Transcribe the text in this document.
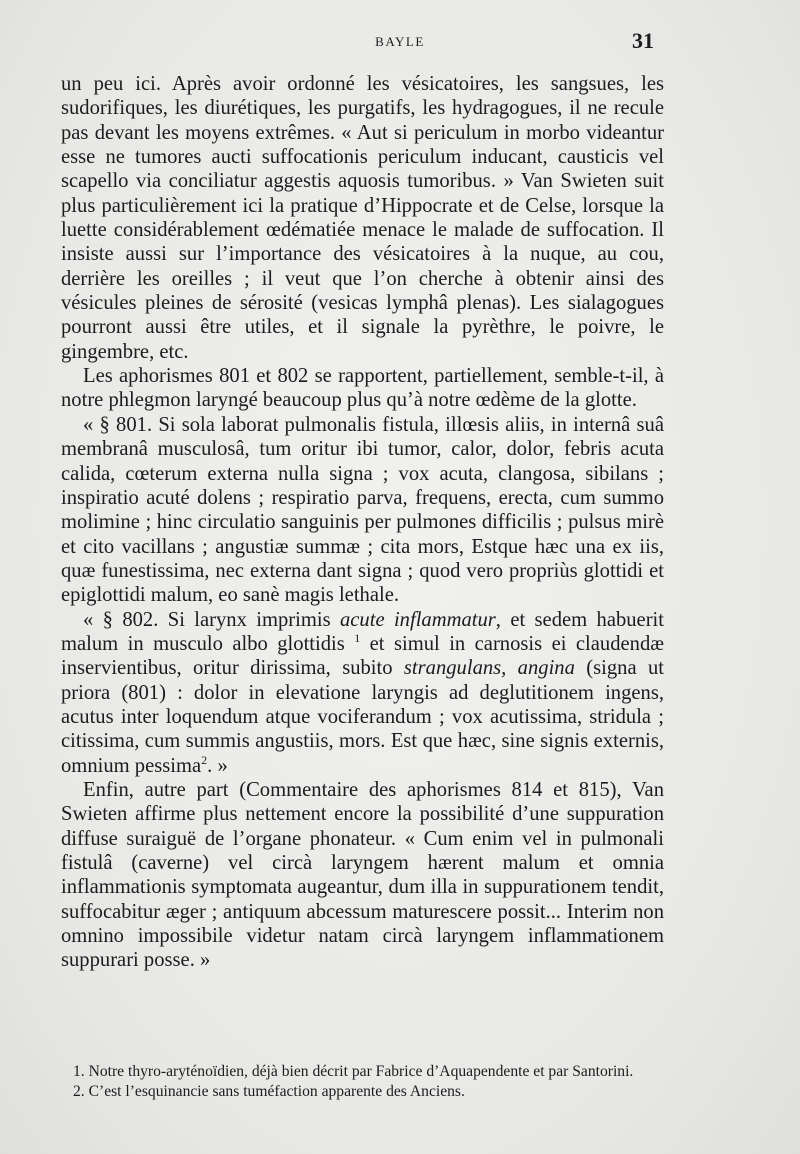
BAYLE	31

un peu ici. Après avoir ordonné les vésicatoires, les sangsues, les sudorifiques, les diurétiques, les purgatifs, les hydragogues, il ne recule pas devant les moyens extrêmes. « Aut si periculum in morbo videantur esse ne tumores aucti suffocationis periculum inducant, causticis vel scapello via conciliatur aggestis aquosis tumoribus. » Van Swieten suit plus particulièrement ici la pratique d’Hippocrate et de Celse, lorsque la luette considérablement œdématiée menace le malade de suffocation. Il insiste aussi sur l’importance des vésicatoires à la nuque, au cou, derrière les oreilles ; il veut que l’on cherche à obtenir ainsi des vésicules pleines de sérosité (vesicas lymphâ plenas). Les sialagogues pourront aussi être utiles, et il signale la pyrèthre, le poivre, le gingembre, etc.

Les aphorismes 801 et 802 se rapportent, partiellement, semble-t-il, à notre phlegmon laryngé beaucoup plus qu’à notre œdème de la glotte.

« § 801. Si sola laborat pulmonalis fistula, illœsis aliis, in internâ suâ membranâ musculosâ, tum oritur ibi tumor, calor, dolor, febris acuta calida, cœterum externa nulla signa ; vox acuta, clangosa, sibilans ; inspiratio acuté dolens ; respiratio parva, frequens, erecta, cum summo molimine ; hinc circulatio sanguinis per pulmones difficilis ; pulsus mirè et cito vacillans ; angustiæ summæ ; cita mors, Estque hæc una ex iis, quæ funestissima, nec externa dant signa ; quod vero propriùs glottidi et epiglottidi malum, eo sanè magis lethale.

« § 802. Si larynx imprimis acute inflammatur, et sedem habuerit malum in musculo albo glottidis $^1$ et simul in carnosis ei claudendæ inservientibus, oritur dirissima, subito strangulans, angina (signa ut priora (801) : dolor in elevatione laryngis ad deglutitionem ingens, acutus inter loquendum atque vociferandum ; vox acutissima, stridula ; citissima, cum summis angustiis, mors. Est que hæc, sine signis externis, omnium pessima$^2$. »

Enfin, autre part (Commentaire des aphorismes 814 et 815), Van Swieten affirme plus nettement encore la possibilité d’une suppuration diffuse suraiguë de l’organe phonateur. « Cum enim vel in pulmonali fistulâ (caverne) vel circà laryngem hærent malum et omnia inflammationis symptomata augeantur, dum illa in suppurationem tendit, suffocabitur æger ; antiquum abcessum maturescere possit... Interim non omnino impossibile videtur natam circà laryngem inflammationem suppurari posse. »

1. Notre thyro-aryténoïdien, déjà bien décrit par Fabrice d’Aquapendente et par Santorini.

2. C’est l’esquinancie sans tuméfaction apparente des Anciens.
